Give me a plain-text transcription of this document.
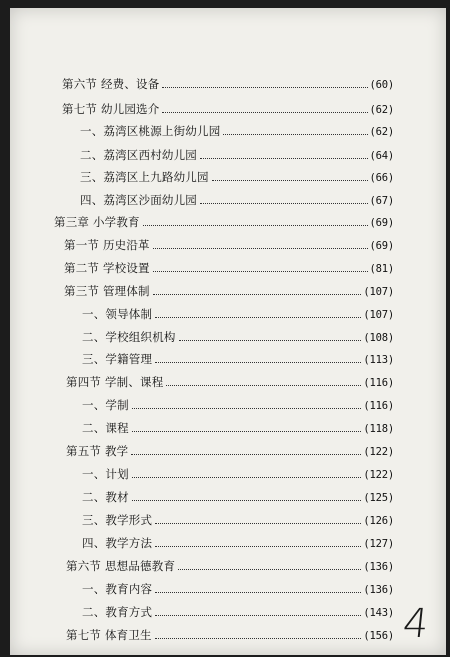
第六节 经费、设备	(60)
第七节 幼儿园选介	(62)
一、荔湾区桃源上街幼儿园	(62)
二、荔湾区西村幼儿园	(64)
三、荔湾区上九路幼儿园	(66)
四、荔湾区沙面幼儿园	(67)
第三章 小学教育	(69)
第一节 历史沿革	(69)
第二节 学校设置	(81)
第三节 管理体制	(107)
一、领导体制	(107)
二、学校组织机构	(108)
三、学籍管理	(113)
第四节 学制、课程	(116)
一、学制	(116)
二、课程	(118)
第五节 教学	(122)
一、计划	(122)
二、教材	(125)
三、教学形式	(126)
四、教学方法	(127)
第六节 思想品德教育	(136)
一、教育内容	(136)
二、教育方式	(143)
第七节 体育卫生	(156) 4
